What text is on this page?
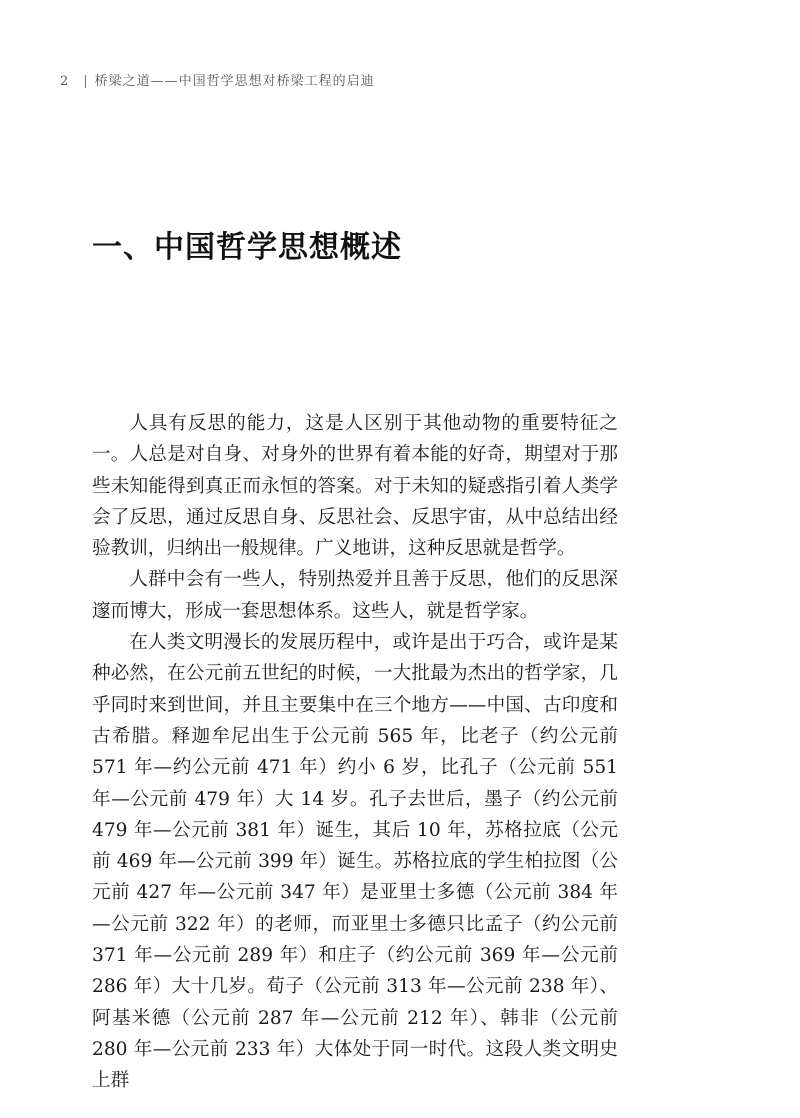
2 | 桥梁之道——中国哲学思想对桥梁工程的启迪
一、中国哲学思想概述

人具有反思的能力，这是人区别于其他动物的重要特征之一。人总是对自身、对身外的世界有着本能的好奇，期望对于那些未知能得到真正而永恒的答案。对于未知的疑惑指引着人类学会了反思，通过反思自身、反思社会、反思宇宙，从中总结出经验教训，归纳出一般规律。广义地讲，这种反思就是哲学。

人群中会有一些人，特别热爱并且善于反思，他们的反思深邃而博大，形成一套思想体系。这些人，就是哲学家。

在人类文明漫长的发展历程中，或许是出于巧合，或许是某种必然，在公元前五世纪的时候，一大批最为杰出的哲学家，几乎同时来到世间，并且主要集中在三个地方——中国、古印度和古希腊。释迦牟尼出生于公元前 565 年，比老子（约公元前 571 年—约公元前 471 年）约小 6 岁，比孔子（公元前 551 年—公元前 479 年）大 14 岁。孔子去世后，墨子（约公元前 479 年—公元前 381 年）诞生，其后 10 年，苏格拉底（公元前 469 年—公元前 399 年）诞生。苏格拉底的学生柏拉图（公元前 427 年—公元前 347 年）是亚里士多德（公元前 384 年—公元前 322 年）的老师，而亚里士多德只比孟子（约公元前 371 年—公元前 289 年）和庄子（约公元前 369 年—公元前 286 年）大十几岁。荀子（公元前 313 年—公元前 238 年）、阿基米德（公元前 287 年—公元前 212 年）、韩非（公元前 280 年—公元前 233 年）大体处于同一时代。这段人类文明史上群
